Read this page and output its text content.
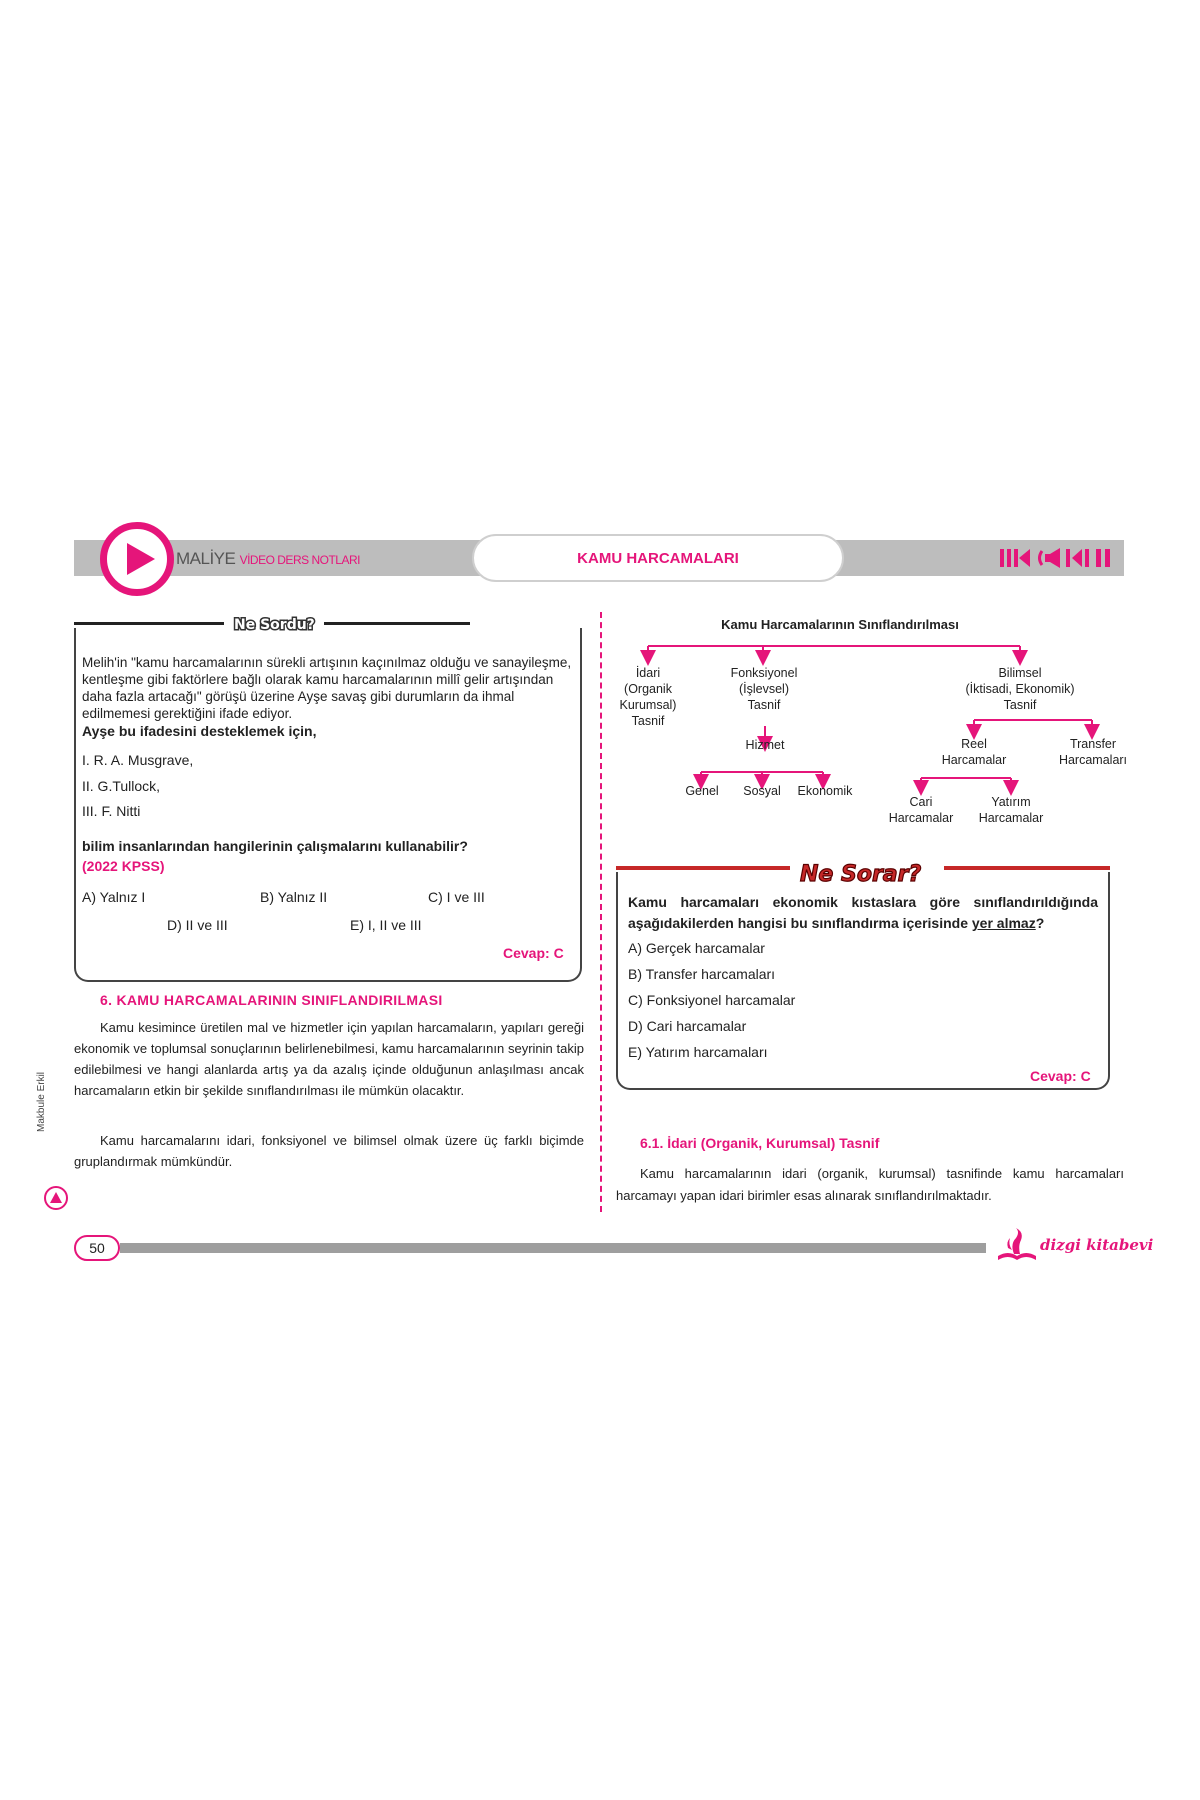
MALİYE VİDEO DERS NOTLARI	KAMU HARCAMALARI
Ne Sordu?
Melih'in "kamu harcamalarının sürekli artışının kaçınılmaz olduğu ve sanayileşme, kentleşme gibi faktörlere bağlı olarak kamu harcamalarının millî gelir artışından daha fazla artacağı" görüşü üzerine Ayşe savaş gibi durumların da ihmal edilmemesi gerektiğini ifade ediyor.
Ayşe bu ifadesini desteklemek için,
I. R. A. Musgrave,
II. G.Tullock,
III. F. Nitti
bilim insanlarından hangilerinin çalışmalarını kullanabilir?
(2022 KPSS)
A) Yalnız I	B) Yalnız II	C) I ve III
D) II ve III	E) I, II ve III
Cevap: C
6. KAMU HARCAMALARININ SINIFLANDIRILMASI
Kamu kesimince üretilen mal ve hizmetler için yapılan harcamaların, yapıları gereği ekonomik ve toplumsal sonuçlarının belirlenebilmesi, kamu harcamalarının seyrinin takip edilebilmesi ve hangi alanlarda artış ya da azalış içinde olduğunun anlaşılması ancak harcamaların etkin bir şekilde sınıflandırılması ile mümkün olacaktır.
Kamu harcamalarını idari, fonksiyonel ve bilimsel olmak üzere üç farklı biçimde gruplandırmak mümkündür.
Makbule Erkil
Kamu Harcamalarının Sınıflandırılması
İdari
(Organik
Kurumsal)
Tasnif
Fonksiyonel
(İşlevsel)
Tasnif
Bilimsel
(İktisadi, Ekonomik)
Tasnif
Hizmet
Genel	Sosyal	Ekonomik
Reel
Harcamalar
Transfer
Harcamaları
Cari
Harcamalar
Yatırım
Harcamalar
Ne Sorar?
Kamu harcamaları ekonomik kıstaslara göre sınıflandırıldığında aşağıdakilerden hangisi bu sınıflandırma içerisinde yer almaz?
A) Gerçek harcamalar
B) Transfer harcamaları
C) Fonksiyonel harcamalar
D) Cari harcamalar
E) Yatırım harcamaları
Cevap: C
6.1. İdari (Organik, Kurumsal) Tasnif
Kamu harcamalarının idari (organik, kurumsal) tasnifinde kamu harcamaları harcamayı yapan idari birimler esas alınarak sınıflandırılmaktadır.
50	dizgi kitabevi
